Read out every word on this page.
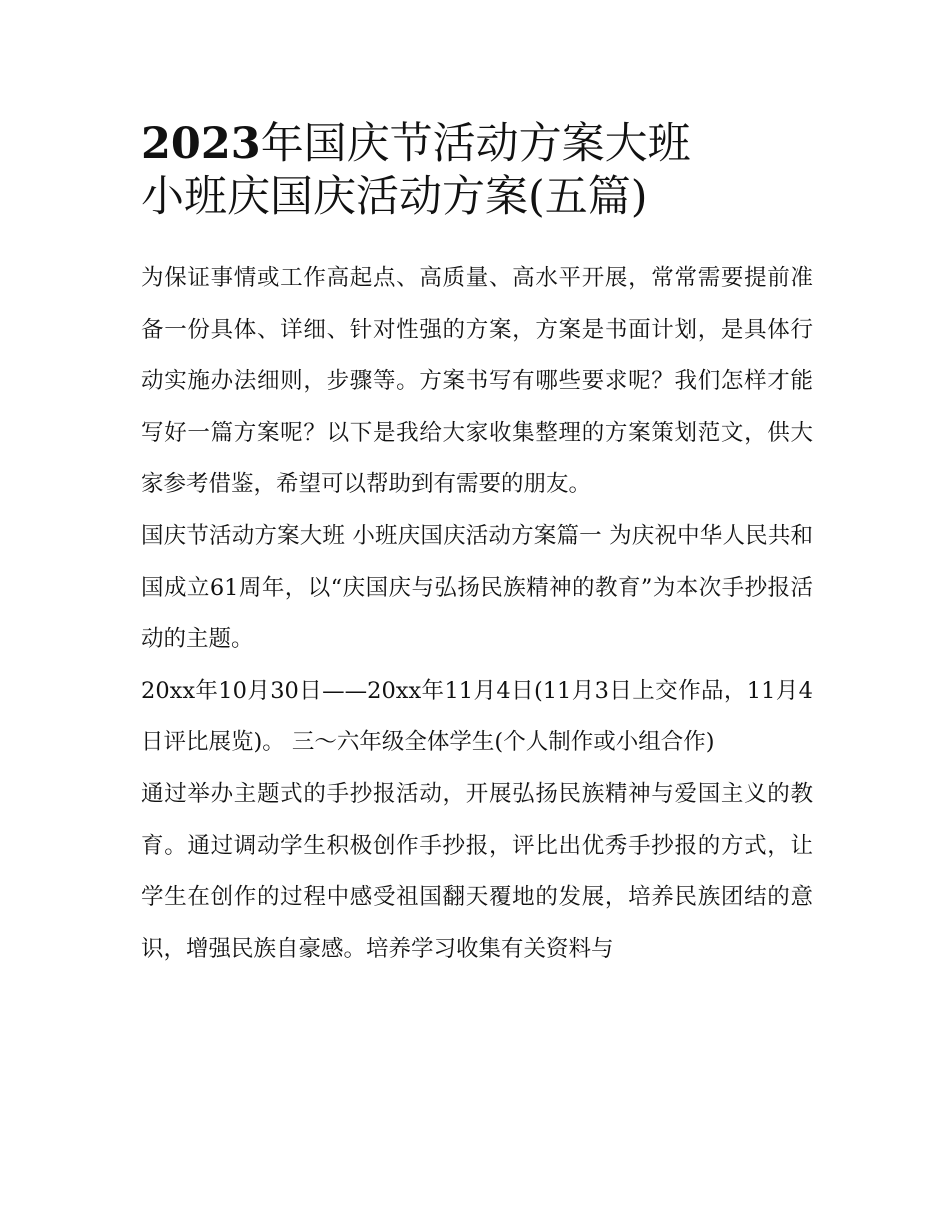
2023年国庆节活动方案大班
小班庆国庆活动方案(五篇)

为保证事情或工作高起点、高质量、高水平开展，常常需要提前准备一份具体、详细、针对性强的方案，方案是书面计划，是具体行动实施办法细则，步骤等。方案书写有哪些要求呢？我们怎样才能写好一篇方案呢？以下是我给大家收集整理的方案策划范文，供大家参考借鉴，希望可以帮助到有需要的朋友。

国庆节活动方案大班 小班庆国庆活动方案篇一 为庆祝中华人民共和国成立61周年，以“庆国庆与弘扬民族精神的教育”为本次手抄报活动的主题。

20xx年10月30日——20xx年11月4日(11月3日上交作品，11月4日评比展览)。 三～六年级全体学生(个人制作或小组合作)

通过举办主题式的手抄报活动，开展弘扬民族精神与爱国主义的教育。通过调动学生积极创作手抄报，评比出优秀手抄报的方式，让学生在创作的过程中感受祖国翻天覆地的发展，培养民族团结的意识，增强民族自豪感。培养学习收集有关资料与
